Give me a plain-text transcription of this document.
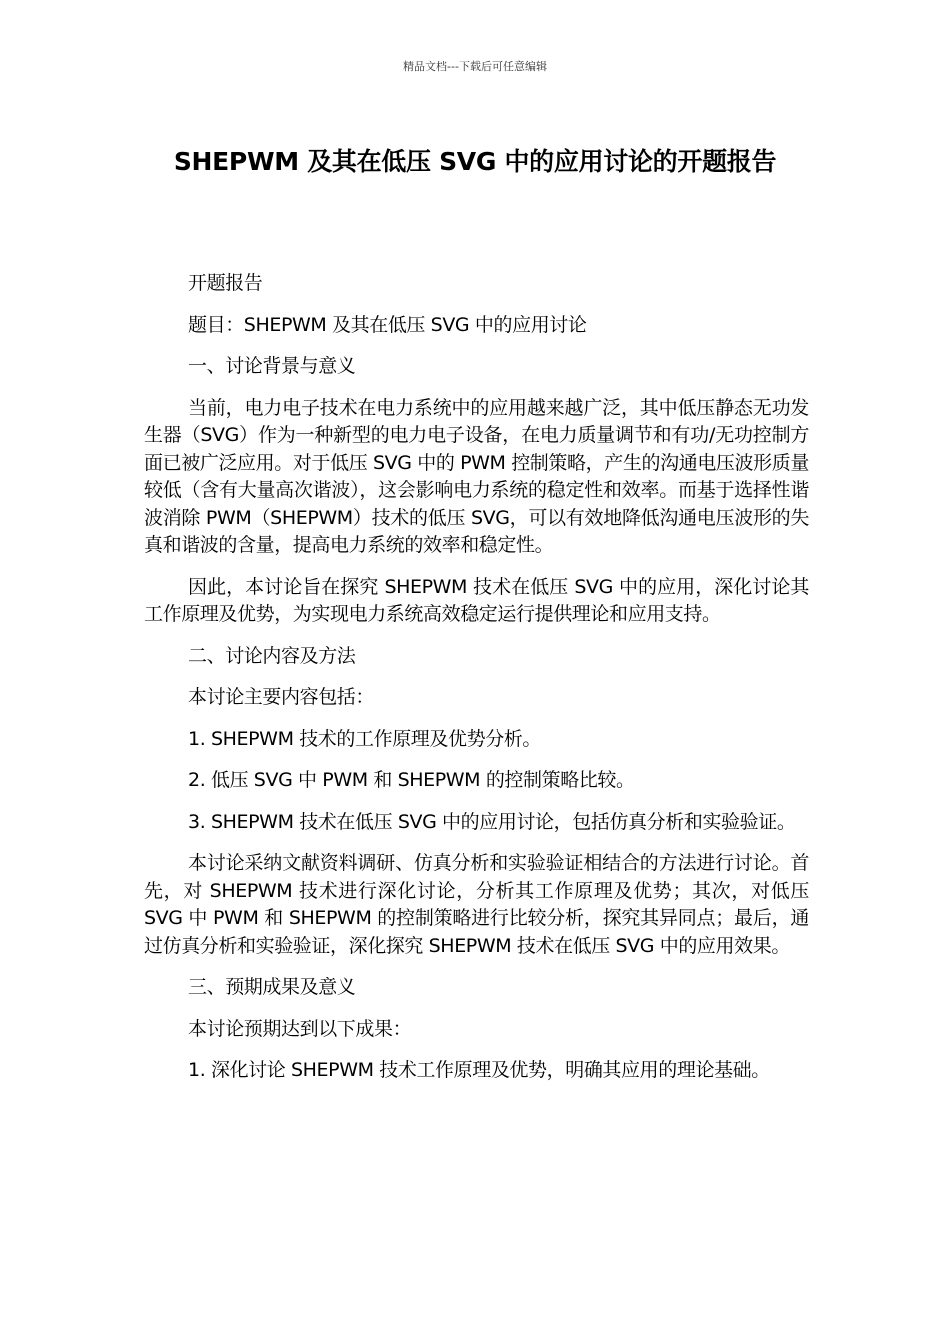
精品文档---下载后可任意编辑
SHEPWM 及其在低压 SVG 中的应用讨论的开题报告

开题报告

题目：SHEPWM 及其在低压 SVG 中的应用讨论

一、讨论背景与意义

当前，电力电子技术在电力系统中的应用越来越广泛，其中低压静态无功发生器（SVG）作为一种新型的电力电子设备，在电力质量调节和有功/无功控制方面已被广泛应用。对于低压 SVG 中的 PWM 控制策略，产生的沟通电压波形质量较低（含有大量高次谐波），这会影响电力系统的稳定性和效率。而基于选择性谐波消除 PWM（SHEPWM）技术的低压 SVG，可以有效地降低沟通电压波形的失真和谐波的含量，提高电力系统的效率和稳定性。

因此，本讨论旨在探究 SHEPWM 技术在低压 SVG 中的应用，深化讨论其工作原理及优势，为实现电力系统高效稳定运行提供理论和应用支持。

二、讨论内容及方法

本讨论主要内容包括：

1. SHEPWM 技术的工作原理及优势分析。

2. 低压 SVG 中 PWM 和 SHEPWM 的控制策略比较。

3. SHEPWM 技术在低压 SVG 中的应用讨论，包括仿真分析和实验验证。

本讨论采纳文献资料调研、仿真分析和实验验证相结合的方法进行讨论。首先，对 SHEPWM 技术进行深化讨论，分析其工作原理及优势；其次，对低压 SVG 中 PWM 和 SHEPWM 的控制策略进行比较分析，探究其异同点；最后，通过仿真分析和实验验证，深化探究 SHEPWM 技术在低压 SVG 中的应用效果。

三、预期成果及意义

本讨论预期达到以下成果：

1. 深化讨论 SHEPWM 技术工作原理及优势，明确其应用的理论基础。
